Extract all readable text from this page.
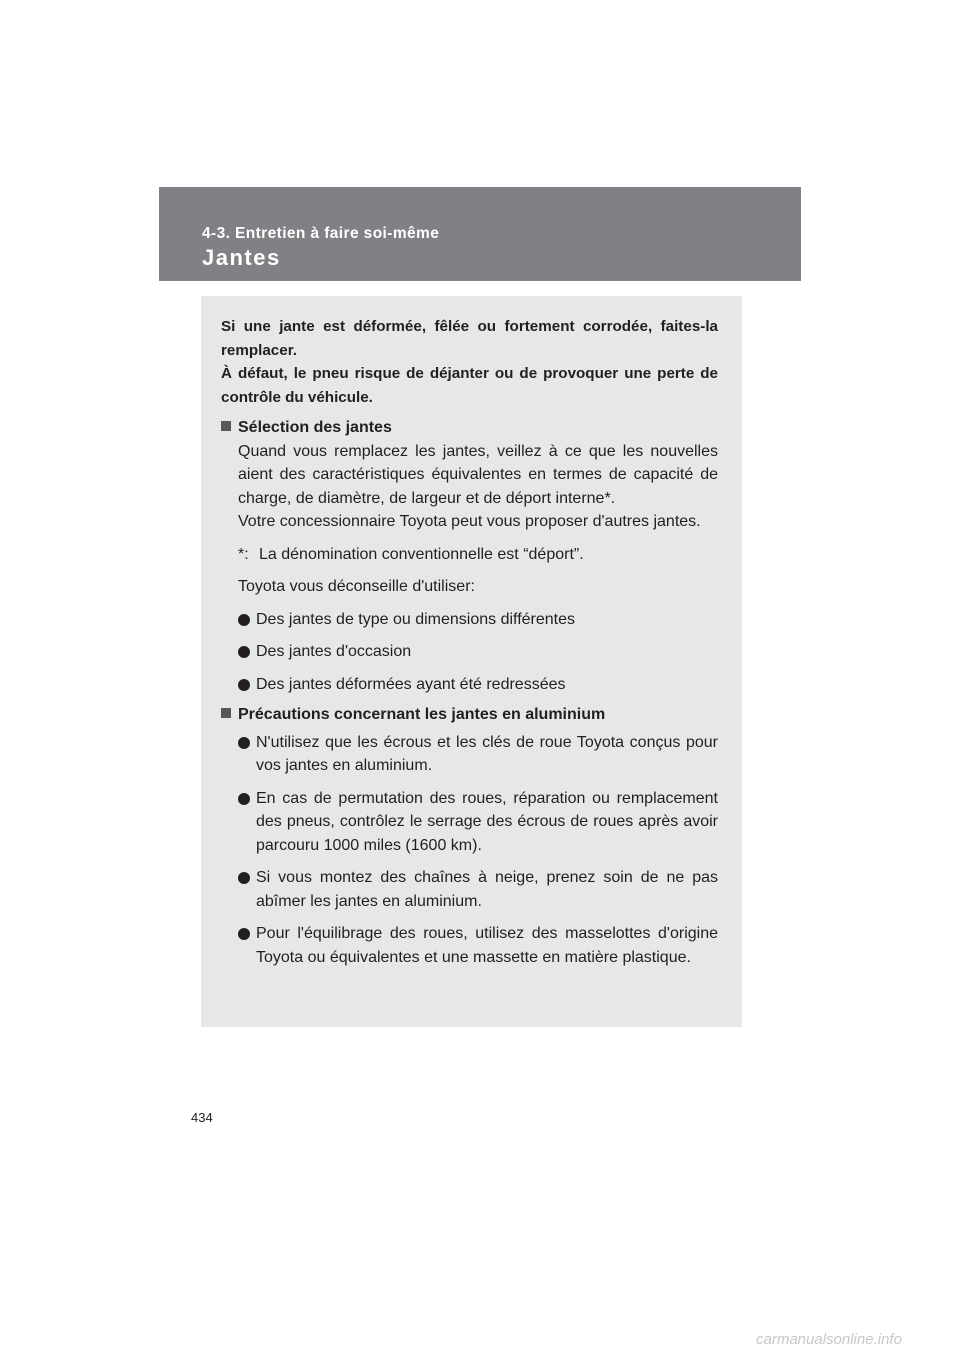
4-3. Entretien à faire soi-même
Jantes
Si une jante est déformée, fêlée ou fortement corrodée, faites-la remplacer.
À défaut, le pneu risque de déjanter ou de provoquer une perte de contrôle du véhicule.
Sélection des jantes
Quand vous remplacez les jantes, veillez à ce que les nouvelles aient des caractéristiques équivalentes en termes de capacité de charge, de diamètre, de largeur et de déport interne*.
Votre concessionnaire Toyota peut vous proposer d'autres jantes.
*: La dénomination conventionnelle est “déport”.
Toyota vous déconseille d'utiliser:
Des jantes de type ou dimensions différentes
Des jantes d'occasion
Des jantes déformées ayant été redressées
Précautions concernant les jantes en aluminium
N'utilisez que les écrous et les clés de roue Toyota conçus pour vos jantes en aluminium.
En cas de permutation des roues, réparation ou remplacement des pneus, contrôlez le serrage des écrous de roues après avoir parcouru 1000 miles (1600 km).
Si vous montez des chaînes à neige, prenez soin de ne pas abîmer les jantes en aluminium.
Pour l'équilibrage des roues, utilisez des masselottes d'origine Toyota ou équivalentes et une massette en matière plastique.
434
carmanualsonline.info
